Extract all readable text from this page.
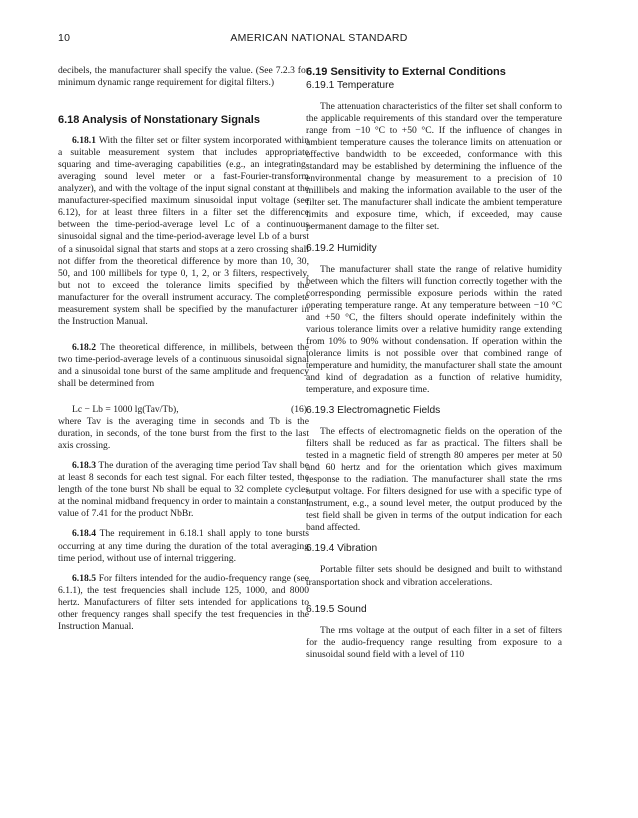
10	AMERICAN NATIONAL STANDARD

decibels, the manufacturer shall specify the value. (See 7.2.3 for minimum dynamic range requirement for digital filters.)

6.18 Analysis of Nonstationary Signals

6.18.1 With the filter set or filter system incorporated within a suitable measurement system that includes appropriate squaring and time-averaging capabilities (e.g., an integrating-averaging sound level meter or a fast-Fourier-transform analyzer), and with the voltage of the input signal constant at the manufacturer-specified maximum sinusoidal input voltage (see 6.12), for at least three filters in a filter set the difference between the time-period-average level Lc of a continuous sinusoidal signal and the time-period-average level Lb of a burst of a sinusoidal signal that starts and stops at a zero crossing shall not differ from the theoretical difference by more than 10, 30, 50, and 100 millibels for type 0, 1, 2, or 3 filters, respectively, but not to exceed the tolerance limits specified by the manufacturer for the overall instrument accuracy. The complete measurement system shall be specified by the manufacturer in the Instruction Manual.

6.18.2 The theoretical difference, in millibels, between the two time-period-average levels of a continuous sinusoidal signal and a sinusoidal tone burst of the same amplitude and frequency shall be determined from

Lc − Lb = 1000 lg(Tav/Tb),	(16)

where Tav is the averaging time in seconds and Tb is the duration, in seconds, of the tone burst from the first to the last axis crossing.

6.18.3 The duration of the averaging time period Tav shall be at least 8 seconds for each test signal. For each filter tested, the length of the tone burst Nb shall be equal to 32 complete cycles at the nominal midband frequency in order to maintain a constant value of 7.41 for the product NbBr.

6.18.4 The requirement in 6.18.1 shall apply to tone bursts occurring at any time during the duration of the total averaging time period, without use of internal triggering.

6.18.5 For filters intended for the audio-frequency range (see 6.1.1), the test frequencies shall include 125, 1000, and 8000 hertz. Manufacturers of filter sets intended for applications to other frequency ranges shall specify the test frequencies in the Instruction Manual.

6.19 Sensitivity to External Conditions
6.19.1 Temperature

The attenuation characteristics of the filter set shall conform to the applicable requirements of this standard over the temperature range from −10 °C to +50 °C. If the influence of changes in ambient temperature causes the tolerance limits on attenuation or effective bandwidth to be exceeded, conformance with this standard may be established by determining the influence of the environmental change by measurement to a precision of 10 millibels and making the information available to the user of the filter set. The manufacturer shall indicate the ambient temperature limits and exposure time, which, if exceeded, may cause permanent damage to the filter set.

6.19.2 Humidity

The manufacturer shall state the range of relative humidity between which the filters will function correctly together with the corresponding permissible exposure periods within the rated operating temperature range. At any temperature between −10 °C and +50 °C, the filters should operate indefinitely within the various tolerance limits over a relative humidity range extending from 10% to 90% without condensation. If operation within the tolerance limits is not possible over that combined range of temperature and humidity, the manufacturer shall state the amount and kind of degradation as a function of relative humidity, temperature, and exposure time.

6.19.3 Electromagnetic Fields

The effects of electromagnetic fields on the operation of the filters shall be reduced as far as practical. The filters shall be tested in a magnetic field of strength 80 amperes per meter at 50 and 60 hertz and for the orientation which gives maximum response to the radiation. The manufacturer shall state the rms output voltage. For filters designed for use with a specific type of instrument, e.g., a sound level meter, the output produced by the test field shall be given in terms of the output indication for each band affected.

6.19.4 Vibration

Portable filter sets should be designed and built to withstand transportation shock and vibration accelerations.

6.19.5 Sound

The rms voltage at the output of each filter in a set of filters for the audio-frequency range resulting from exposure to a sinusoidal sound field with a level of 110
